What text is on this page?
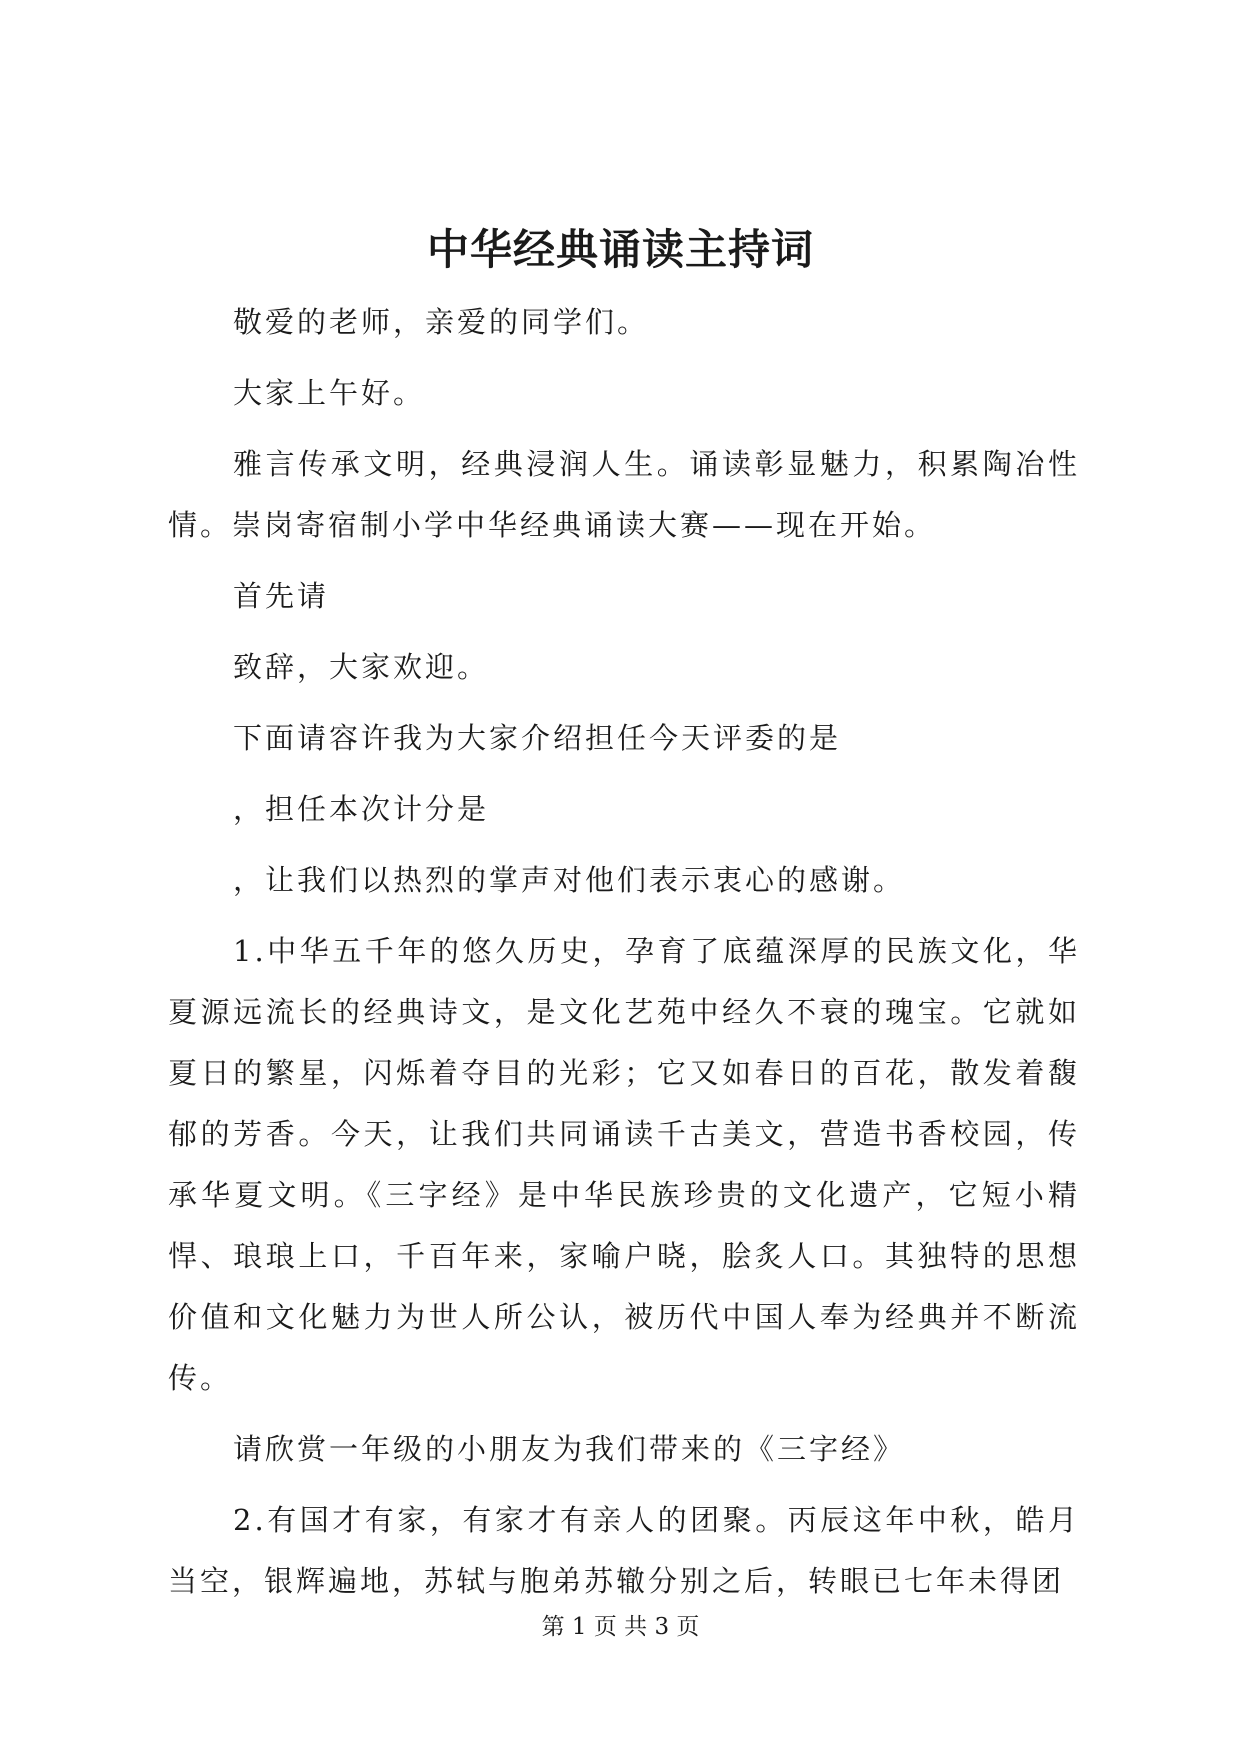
中华经典诵读主持词

敬爱的老师，亲爱的同学们。

大家上午好。

雅言传承文明，经典浸润人生。诵读彰显魅力，积累陶冶性情。崇岗寄宿制小学中华经典诵读大赛——现在开始。

首先请

致辞，大家欢迎。

下面请容许我为大家介绍担任今天评委的是

，担任本次计分是

，让我们以热烈的掌声对他们表示衷心的感谢。

1.中华五千年的悠久历史，孕育了底蕴深厚的民族文化，华夏源远流长的经典诗文，是文化艺苑中经久不衰的瑰宝。它就如夏日的繁星，闪烁着夺目的光彩；它又如春日的百花，散发着馥郁的芳香。今天，让我们共同诵读千古美文，营造书香校园，传承华夏文明。《三字经》是中华民族珍贵的文化遗产，它短小精悍、琅琅上口，千百年来，家喻户晓，脍炙人口。其独特的思想价值和文化魅力为世人所公认，被历代中国人奉为经典并不断流传。

请欣赏一年级的小朋友为我们带来的《三字经》

2.有国才有家，有家才有亲人的团聚。丙辰这年中秋，皓月当空，银辉遍地，苏轼与胞弟苏辙分别之后，转眼已七年未得团

第 1 页 共 3 页
